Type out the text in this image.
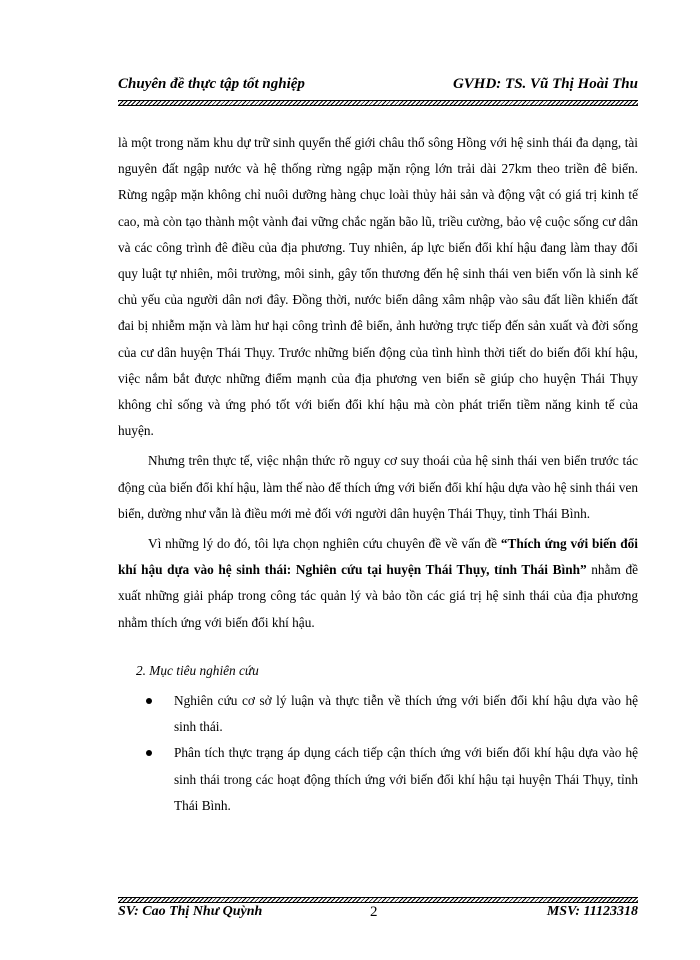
Chuyên đề thực tập tốt nghiệp	GVHD: TS. Vũ Thị Hoài Thu

là một trong năm khu dự trữ sinh quyển thế giới châu thổ sông Hồng với hệ sinh thái đa dạng, tài nguyên đất ngập nước và hệ thống rừng ngập mặn rộng lớn trải dài 27km theo triền đê biển. Rừng ngập mặn không chỉ nuôi dưỡng hàng chục loài thủy hải sản và động vật có giá trị kinh tế cao, mà còn tạo thành một vành đai vững chắc ngăn bão lũ, triều cường, bảo vệ cuộc sống cư dân và các công trình đê điều của địa phương. Tuy nhiên, áp lực biến đổi khí hậu đang làm thay đổi quy luật tự nhiên, môi trường, môi sinh, gây tổn thương đến hệ sinh thái ven biển vốn là sinh kế chủ yếu của người dân nơi đây. Đồng thời, nước biển dâng xâm nhập vào sâu đất liền khiến đất đai bị nhiễm mặn và làm hư hại công trình đê biển, ảnh hưởng trực tiếp đến sản xuất và đời sống của cư dân huyện Thái Thụy. Trước những biến động của tình hình thời tiết do biến đổi khí hậu, việc nắm bắt được những điểm mạnh của địa phương ven biển sẽ giúp cho huyện Thái Thụy không chỉ sống và ứng phó tốt với biến đổi khí hậu mà còn phát triển tiềm năng kinh tế của huyện.

Nhưng trên thực tế, việc nhận thức rõ nguy cơ suy thoái của hệ sinh thái ven biển trước tác động của biến đổi khí hậu, làm thế nào để thích ứng với biến đổi khí hậu dựa vào hệ sinh thái ven biển, dường như vẫn là điều mới mẻ đối với người dân huyện Thái Thụy, tỉnh Thái Bình.

Vì những lý do đó, tôi lựa chọn nghiên cứu chuyên đề về vấn đề “Thích ứng với biến đổi khí hậu dựa vào hệ sinh thái: Nghiên cứu tại huyện Thái Thụy, tỉnh Thái Bình” nhằm đề xuất những giải pháp trong công tác quản lý và bảo tồn các giá trị hệ sinh thái của địa phương nhằm thích ứng với biến đổi khí hậu.

2. Mục tiêu nghiên cứu
Nghiên cứu cơ sở lý luận và thực tiễn về thích ứng với biến đổi khí hậu dựa vào hệ sinh thái.
Phân tích thực trạng áp dụng cách tiếp cận thích ứng với biến đổi khí hậu dựa vào hệ sinh thái trong các hoạt động thích ứng với biến đổi khí hậu tại huyện Thái Thụy, tỉnh Thái Bình.
SV: Cao Thị Như Quỳnh	2	MSV: 11123318
